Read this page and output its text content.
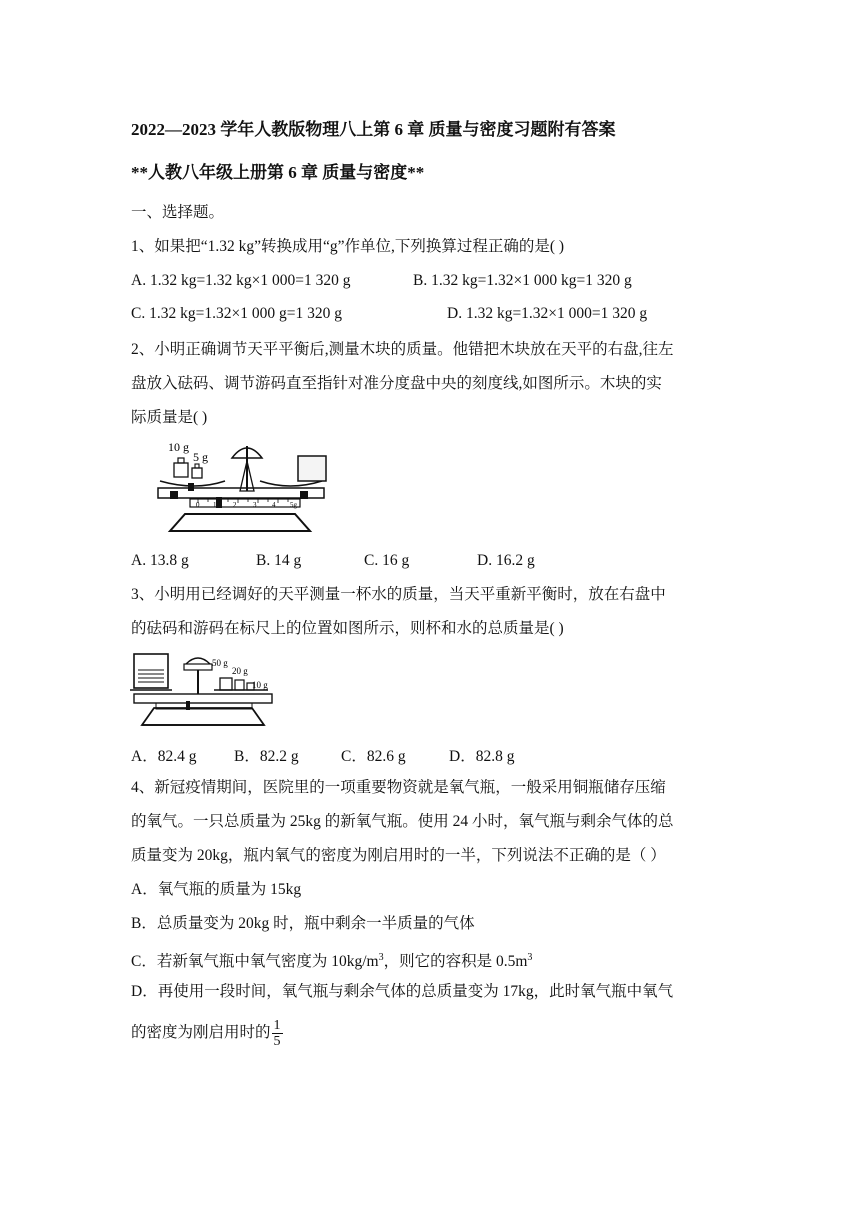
2022—2023 学年人教版物理八上第 6 章 质量与密度习题附有答案
**人教八年级上册第 6 章 质量与密度**
一、选择题。
1、如果把“1.32 kg”转换成用“g”作单位,下列换算过程正确的是( )
A. 1.32 kg=1.32 kg×1 000=1 320 g	B. 1.32 kg=1.32×1 000 kg=1 320 g
C. 1.32 kg=1.32×1 000 g=1 320 g	D. 1.32 kg=1.32×1 000=1 320 g
2、小明正确调节天平平衡后,测量木块的质量。他错把木块放在天平的右盘,往左
盘放入砝码、调节游码直至指针对准分度盘中央的刻度线,如图所示。木块的实
际质量是( )
0 1 2 3 4 5g
10 g
5 g
A. 13.8 g	B. 14 g	C. 16 g	D. 16.2 g
3、小明用已经调好的天平测量一杯水的质量，当天平重新平衡时，放在右盘中
的砝码和游码在标尺上的位置如图所示，则杯和水的总质量是( )
50 g
20 g
10 g
A．82.4 g B．82.2 g	C．82.6 g	D．82.8 g
4、新冠疫情期间，医院里的一项重要物资就是氧气瓶，一般采用铜瓶储存压缩
的氧气。一只总质量为 25kg 的新氧气瓶。使用 24 小时，氧气瓶与剩余气体的总
质量变为 20kg，瓶内氧气的密度为刚启用时的一半，下列说法不正确的是（ ）
A．氧气瓶的质量为 15kg
B．总质量变为 20kg 时，瓶中剩余一半质量的气体
C．若新氧气瓶中氧气密度为 $10kg/m^3$，则它的容积是 $0.5m^3$
D．再使用一段时间，氧气瓶与剩余气体的总质量变为 17kg，此时氧气瓶中氧气
的密度为刚启用时的 $\frac{1}{5}$
